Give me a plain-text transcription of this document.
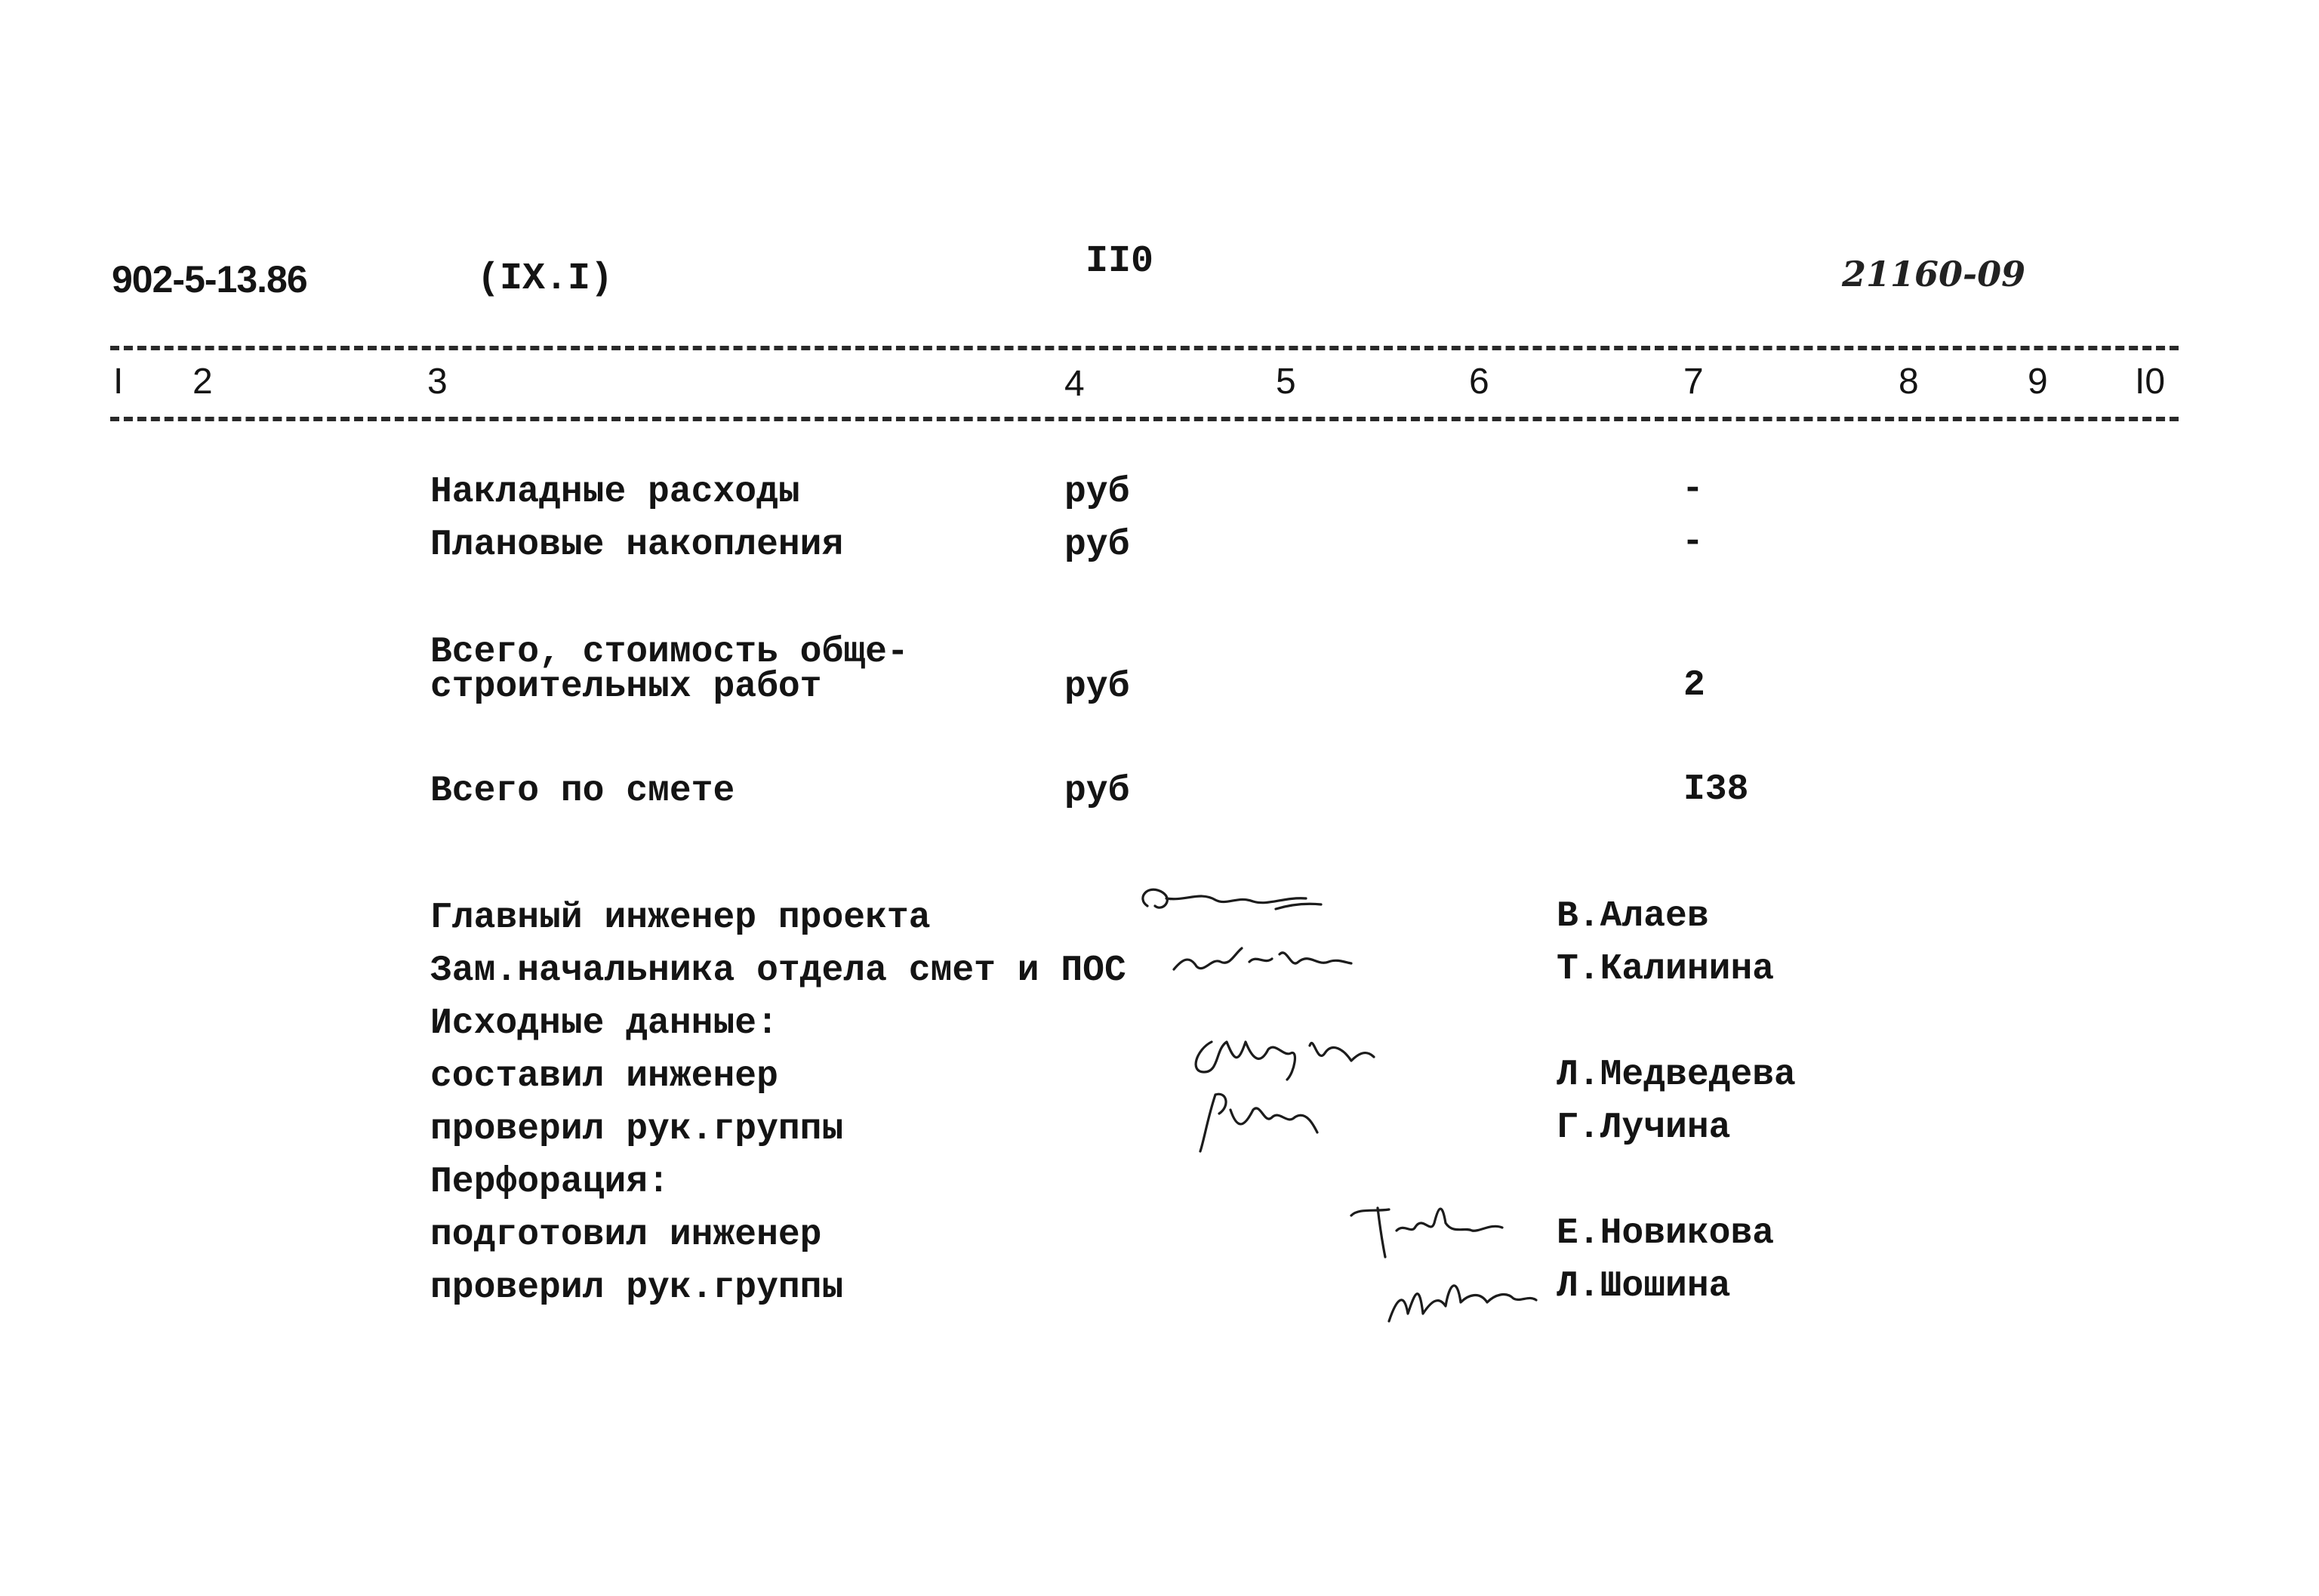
902-5-13.86	(IX.I)	II0	21160-09
I 2	3	4	5	6	7	8	9 I0
Накладные расходы	руб	-
Плановые накопления	руб	-
Всего, стоимость обще-
строительных работ	руб	2
Всего по смете	руб	I38
Главный инженер проекта	В.Алаев
Зам.начальника отдела смет и ПОС	Т.Калинина
Исходные данные:
составил инженер	Л.Медведева
проверил рук.группы	Г.Лучина
Перфорация:
подготовил инженер	Е.Новикова
проверил рук.группы	Л.Шошина
